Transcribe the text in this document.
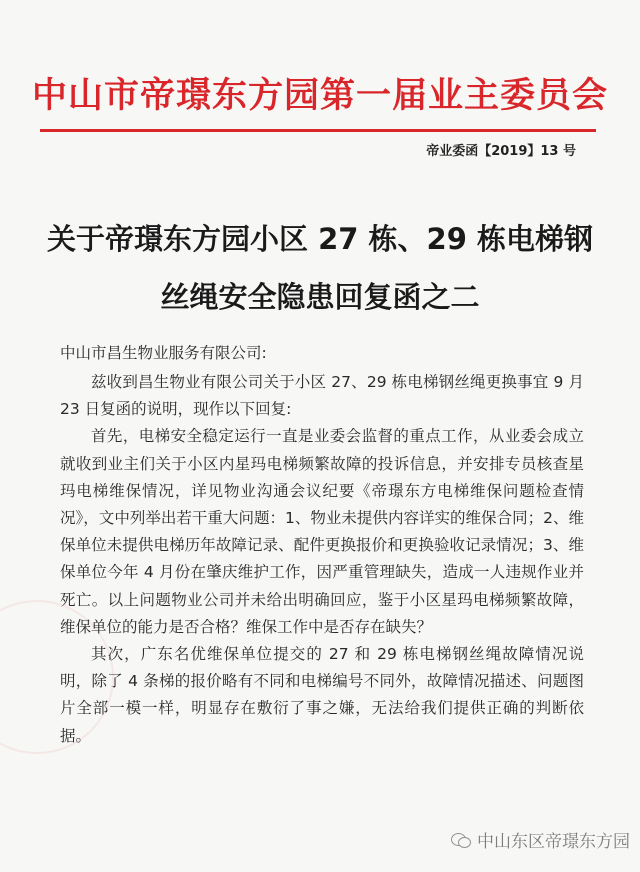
中山市帝璟东方园第一届业主委员会
帝业委函【2019】13 号
关于帝璟东方园小区 27 栋、29 栋电梯钢
丝绳安全隐患回复函之二

中山市昌生物业服务有限公司:

兹收到昌生物业有限公司关于小区 27、29 栋电梯钢丝绳更换事宜 9 月 23 日复函的说明，现作以下回复:

首先，电梯安全稳定运行一直是业委会监督的重点工作，从业委会成立就收到业主们关于小区内星玛电梯频繁故障的投诉信息，并安排专员核查星玛电梯维保情况，详见物业沟通会议纪要《帝璟东方电梯维保问题检查情况》，文中列举出若干重大问题：1、物业未提供内容详实的维保合同；2、维保单位未提供电梯历年故障记录、配件更换报价和更换验收记录情况；3、维保单位今年 4 月份在肇庆维护工作，因严重管理缺失，造成一人违规作业并死亡。以上问题物业公司并未给出明确回应，鉴于小区星玛电梯频繁故障，维保单位的能力是否合格？维保工作中是否存在缺失？

其次，广东名优维保单位提交的 27 和 29 栋电梯钢丝绳故障情况说明，除了 4 条梯的报价略有不同和电梯编号不同外，故障情况描述、问题图片全部一模一样，明显存在敷衍了事之嫌，无法给我们提供正确的判断依据。

中山东区帝璟东方园
